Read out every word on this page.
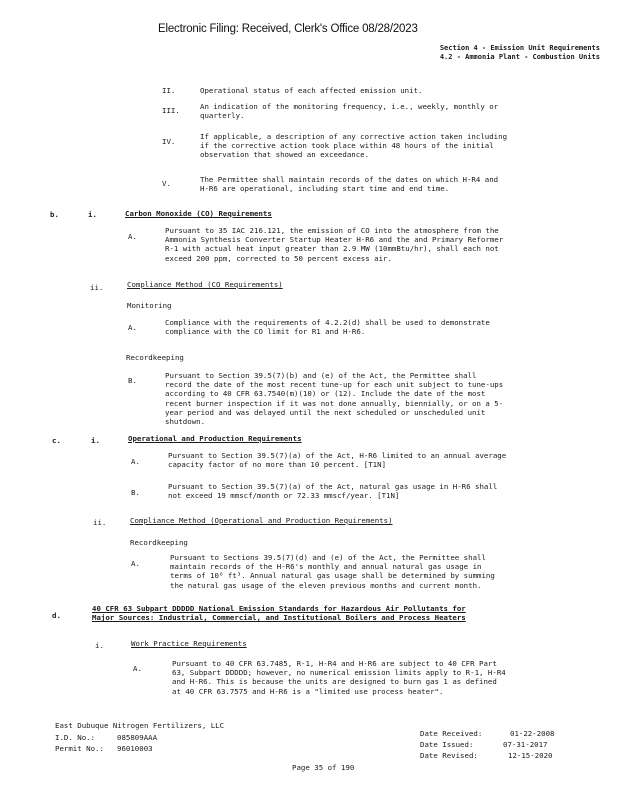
Electronic Filing: Received, Clerk's Office 08/28/2023
Section 4 - Emission Unit Requirements
4.2 - Ammonia Plant - Combustion Units
II.	Operational status of each affected emission unit.
III.	An indication of the monitoring frequency, i.e., weekly, monthly or
quarterly.
IV.
If applicable, a description of any corrective action taken including
if the corrective action took place within 48 hours of the initial
observation that showed an exceedance.
V.	The Permittee shall maintain records of the dates on which H-R4 and
H-R6 are operational, including start time and end time.
b.	i.	Carbon Monoxide (CO) Requirements
A.
Pursuant to 35 IAC 216.121, the emission of CO into the atmosphere from the
Ammonia Synthesis Converter Startup Heater H-R6 and the and Primary Reformer
R-1 with actual heat input greater than 2.9 MW (10mmBtu/hr), shall each not
exceed 200 ppm, corrected to 50 percent excess air.
ii.	Compliance Method (CO Requirements)
Monitoring
A.
Compliance with the requirements of 4.2.2(d) shall be used to demonstrate
compliance with the CO limit for R1 and H-R6.
Recordkeeping
B.
Pursuant to Section 39.5(7)(b) and (e) of the Act, the Permittee shall
record the date of the most recent tune-up for each unit subject to tune-ups
according to 40 CFR 63.7540(m)(10) or (12). Include the date of the most
recent burner inspection if it was not done annually, biennially, or on a 5-
year period and was delayed until the next scheduled or unscheduled unit
shutdown.
c.	i.	Operational and Production Requirements
A.
Pursuant to Section 39.5(7)(a) of the Act, H-R6 limited to an annual average
capacity factor of no more than 10 percent. [T1N]
B.
Pursuant to Section 39.5(7)(a) of the Act, natural gas usage in H-R6 shall
not exceed 19 mmscf/month or 72.33 mmscf/year. [T1N]
ii.	Compliance Method (Operational and Production Requirements)
Recordkeeping
A.
Pursuant to Sections 39.5(7)(d) and (e) of the Act, the Permittee shall
maintain records of the H-R6's monthly and annual natural gas usage in
terms of 10⁶ ft³. Annual natural gas usage shall be determined by summing
the natural gas usage of the eleven previous months and current month.
d.
40 CFR 63 Subpart DDDDD National Emission Standards for Hazardous Air Pollutants for
Major Sources: Industrial, Commercial, and Institutional Boilers and Process Heaters
i.	Work Practice Requirements
A.
Pursuant to 40 CFR 63.7485, R-1, H-R4 and H-R6 are subject to 40 CFR Part
63, Subpart DDDDD; however, no numerical emission limits apply to R-1, H-R4
and H-R6. This is because the units are designed to burn gas 1 as defined
at 40 CFR 63.7575 and H-R6 is a "limited use process heater".
East Dubuque Nitrogen Fertilizers, LLC
I.D. No.:	085809AAA
Permit No.: 96010003
Date Received:	01-22-2008
Date Issued:	07-31-2017
Date Revised:	12-15-2020
Page 35 of 190
